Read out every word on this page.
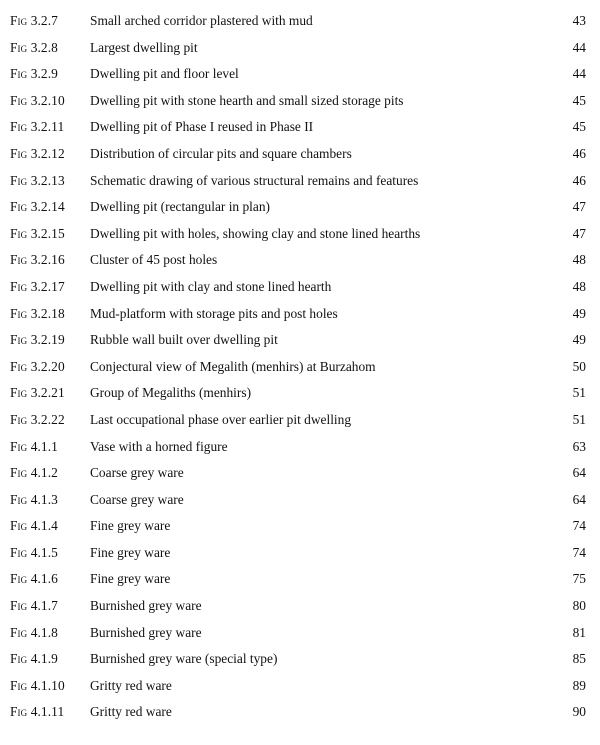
Fig 3.2.7 Small arched corridor plastered with mud	43
Fig 3.2.8 Largest dwelling pit	44
Fig 3.2.9 Dwelling pit and floor level	44
Fig 3.2.10 Dwelling pit with stone hearth and small sized storage pits	45
Fig 3.2.11 Dwelling pit of Phase I reused in Phase II	45
Fig 3.2.12 Distribution of circular pits and square chambers	46
Fig 3.2.13 Schematic drawing of various structural remains and features	46
Fig 3.2.14 Dwelling pit (rectangular in plan)	47
Fig 3.2.15 Dwelling pit with holes, showing clay and stone lined hearths	47
Fig 3.2.16 Cluster of 45 post holes	48
Fig 3.2.17 Dwelling pit with clay and stone lined hearth	48
Fig 3.2.18 Mud-platform with storage pits and post holes	49
Fig 3.2.19 Rubble wall built over dwelling pit	49
Fig 3.2.20 Conjectural view of Megalith (menhirs) at Burzahom	50
Fig 3.2.21 Group of Megaliths (menhirs)	51
Fig 3.2.22 Last occupational phase over earlier pit dwelling	51
Fig 4.1.1 Vase with a horned figure	63
Fig 4.1.2 Coarse grey ware	64
Fig 4.1.3 Coarse grey ware	64
Fig 4.1.4 Fine grey ware	74
Fig 4.1.5 Fine grey ware	74
Fig 4.1.6 Fine grey ware	75
Fig 4.1.7 Burnished grey ware	80
Fig 4.1.8 Burnished grey ware	81
Fig 4.1.9 Burnished grey ware (special type)	85
Fig 4.1.10 Gritty red ware	89
Fig 4.1.11 Gritty red ware	90
